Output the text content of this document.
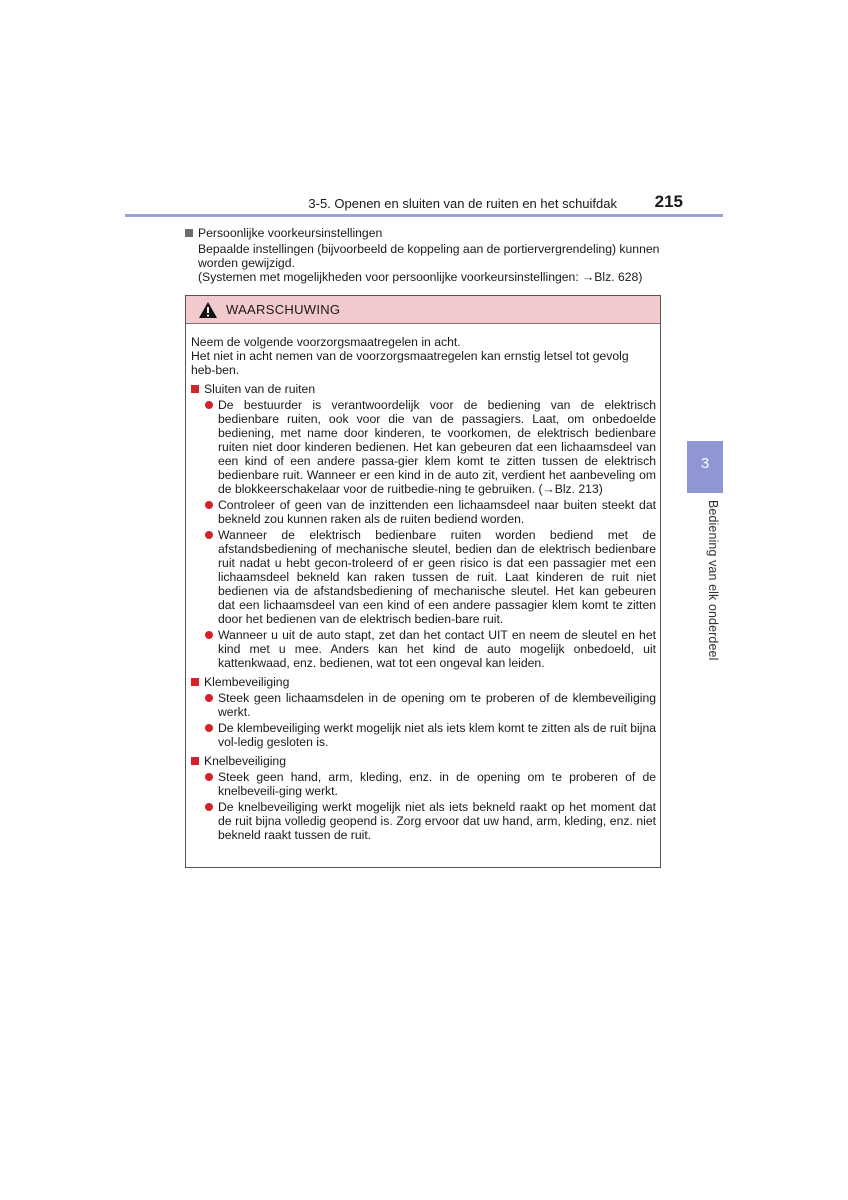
3-5. Openen en sluiten van de ruiten en het schuifdak 215
3
Bediening van elk onderdeel
Persoonlijke voorkeursinstellingen

Bepaalde instellingen (bijvoorbeeld de koppeling aan de portiervergrendeling) kunnen worden gewijzigd.

(Systemen met mogelijkheden voor persoonlijke voorkeursinstellingen: →Blz. 628)

WAARSCHUWING

Neem de volgende voorzorgsmaatregelen in acht.

Het niet in acht nemen van de voorzorgsmaatregelen kan ernstig letsel tot gevolg heb-ben.

Sluiten van de ruiten
De bestuurder is verantwoordelijk voor de bediening van de elektrisch bedienbare ruiten, ook voor die van de passagiers. Laat, om onbedoelde bediening, met name door kinderen, te voorkomen, de elektrisch bedienbare ruiten niet door kinderen bedienen. Het kan gebeuren dat een lichaamsdeel van een kind of een andere passa-gier klem komt te zitten tussen de elektrisch bedienbare ruit. Wanneer er een kind in de auto zit, verdient het aanbeveling om de blokkeerschakelaar voor de ruitbedie-ning te gebruiken. (→Blz. 213)
Controleer of geen van de inzittenden een lichaamsdeel naar buiten steekt dat bekneld zou kunnen raken als de ruiten bediend worden.
Wanneer de elektrisch bedienbare ruiten worden bediend met de afstandsbediening of mechanische sleutel, bedien dan de elektrisch bedienbare ruit nadat u hebt gecon-troleerd of er geen risico is dat een passagier met een lichaamsdeel bekneld kan raken tussen de ruit. Laat kinderen de ruit niet bedienen via de afstandsbediening of mechanische sleutel. Het kan gebeuren dat een lichaamsdeel van een kind of een andere passagier klem komt te zitten door het bedienen van de elektrisch bedien-bare ruit.
Wanneer u uit de auto stapt, zet dan het contact UIT en neem de sleutel en het kind met u mee. Anders kan het kind de auto mogelijk onbedoeld, uit kattenkwaad, enz. bedienen, wat tot een ongeval kan leiden.
Klembeveiliging
Steek geen lichaamsdelen in de opening om te proberen of de klembeveiliging werkt.
De klembeveiliging werkt mogelijk niet als iets klem komt te zitten als de ruit bijna vol-ledig gesloten is.
Knelbeveiliging
Steek geen hand, arm, kleding, enz. in de opening om te proberen of de knelbeveili-ging werkt.
De knelbeveiliging werkt mogelijk niet als iets bekneld raakt op het moment dat de ruit bijna volledig geopend is. Zorg ervoor dat uw hand, arm, kleding, enz. niet bekneld raakt tussen de ruit.
